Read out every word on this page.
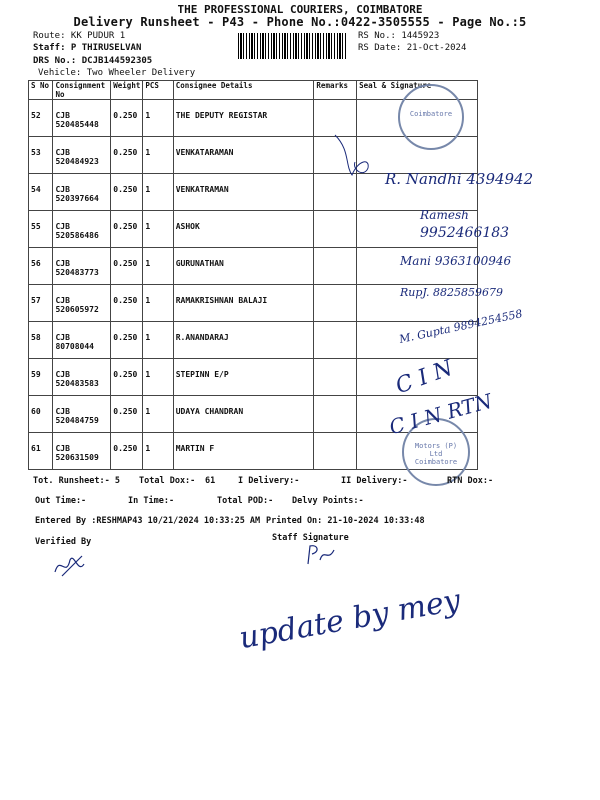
THE PROFESSIONAL COURIERS, COIMBATORE
Delivery Runsheet - P43 - Phone No.:0422-3505555 - Page No.:5
Route: KK PUDUR 1
Staff: P THIRUSELVAN
DRS No.: DCJB144592305
Vehicle: Two Wheeler Delivery
RS No.: 1445923
RS Date: 21-Oct-2024
S No	Consignment No	Weight	PCS	Consignee Details	Remarks	Seal & Signature
52	CJB 520485448	0.250	1	THE DEPUTY REGISTAR		
53	CJB 520484923	0.250	1	VENKATARAMAN		
54	CJB 520397664	0.250	1	VENKATRAMAN		
55	CJB 520586486	0.250	1	ASHOK		
56	CJB 520483773	0.250	1	GURUNATHAN		
57	CJB 520605972	0.250	1	RAMAKRISHNAN BALAJI		
58	CJB 80708044	0.250	1	R.ANANDARAJ		
59	CJB 520483583	0.250	1	STEPINN E/P		
60	CJB 520484759	0.250	1	UDAYA CHANDRAN		
61	CJB 520631509	0.250	1	MARTIN F		
Coimbatore
Motors (P) Ltd Coimbatore
R. Nandhi 4394942
Ramesh
9952466183
Mani 9363100946
RupJ. 8825859679
M. Gupta 9894254558
C I N
C I N RTN
Tot. Runsheet:- 5 Total Dox:- 61	I Delivery:-	II Delivery:-	RTN Dox:-
Out Time:-	In Time:-	Total POD:- Delvy Points:-
Entered By :RESHMAP43 10/21/2024 10:33:25 AM Printed On: 21-10-2024 10:33:48
Verified By	Staff Signature
update by mey
